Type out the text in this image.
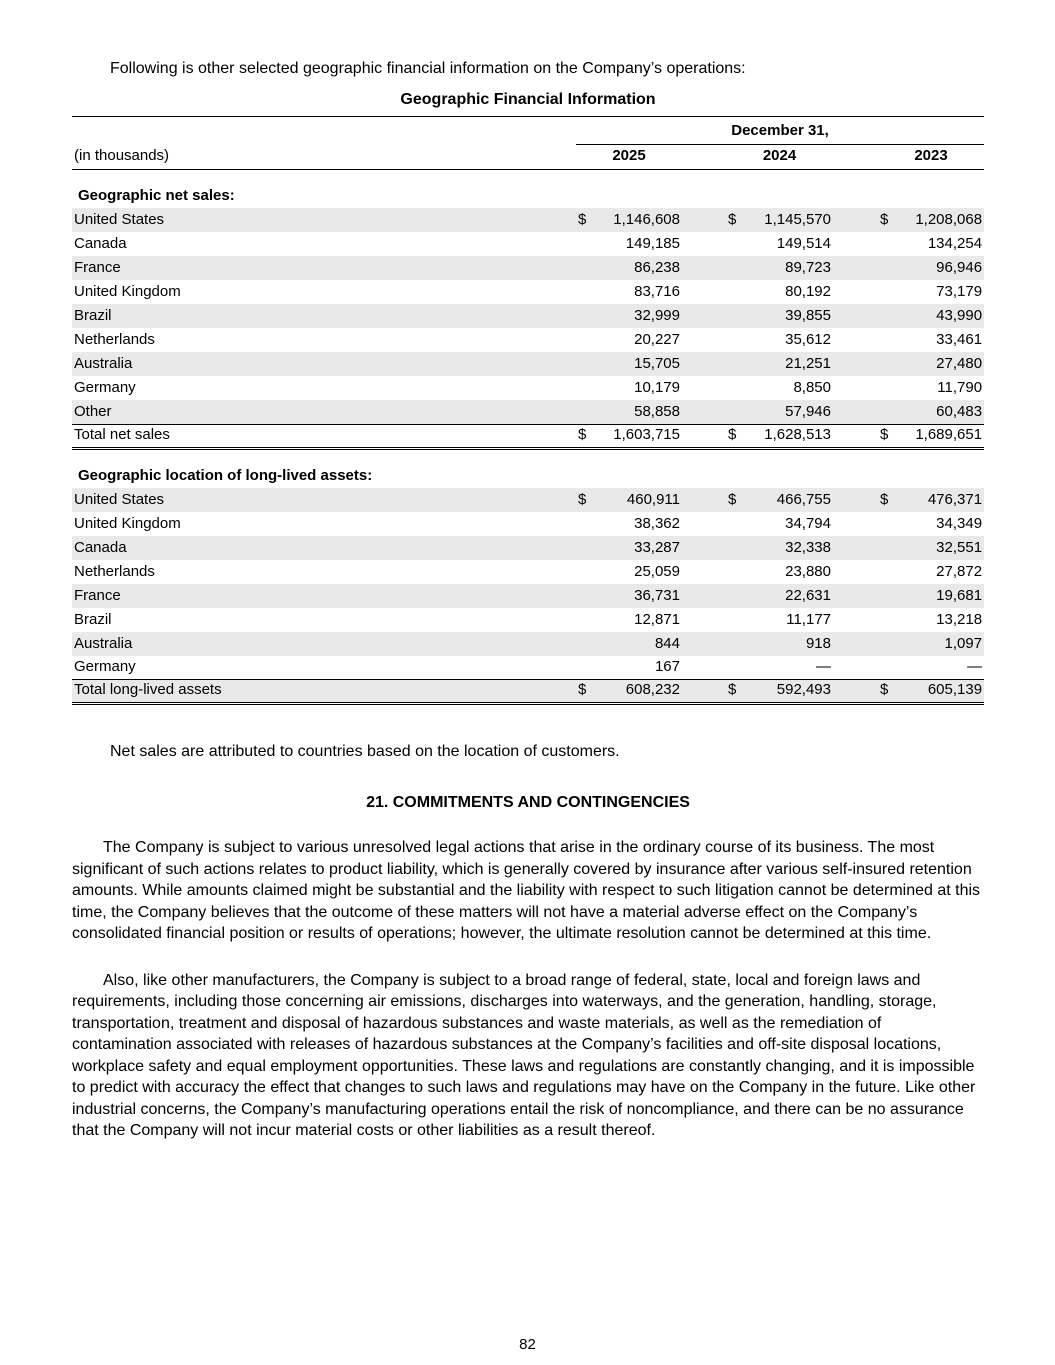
Following is other selected geographic financial information on the Company’s operations:

Geographic Financial Information
	December 31,							
(in thousands)	2025			2024			2023	
Geographic net sales:								
United States	$	1,146,608		$	1,145,570		$	1,208,068
Canada		149,185			149,514			134,254
France		86,238			89,723			96,946
United Kingdom		83,716			80,192			73,179
Brazil		32,999			39,855			43,990
Netherlands		20,227			35,612			33,461
Australia		15,705			21,251			27,480
Germany		10,179			8,850			11,790
Other		58,858			57,946			60,483
Total net sales	$	1,603,715		$	1,628,513		$	1,689,651
Geographic location of long-lived assets:								
United States	$	460,911		$	466,755		$	476,371
United Kingdom		38,362			34,794			34,349
Canada		33,287			32,338			32,551
Netherlands		25,059			23,880			27,872
France		36,731			22,631			19,681
Brazil		12,871			11,177			13,218
Australia		844			918			1,097
Germany		167			—			—
Total long-lived assets	$	608,232		$	592,493		$	605,139

Net sales are attributed to countries based on the location of customers.

21. COMMITMENTS AND CONTINGENCIES

The Company is subject to various unresolved legal actions that arise in the ordinary course of its business. The most significant of such actions relates to product liability, which is generally covered by insurance after various self-insured retention amounts. While amounts claimed might be substantial and the liability with respect to such litigation cannot be determined at this time, the Company believes that the outcome of these matters will not have a material adverse effect on the Company’s consolidated financial position or results of operations; however, the ultimate resolution cannot be determined at this time.

Also, like other manufacturers, the Company is subject to a broad range of federal, state, local and foreign laws and requirements, including those concerning air emissions, discharges into waterways, and the generation, handling, storage, transportation, treatment and disposal of hazardous substances and waste materials, as well as the remediation of contamination associated with releases of hazardous substances at the Company’s facilities and off-site disposal locations, workplace safety and equal employment opportunities. These laws and regulations are constantly changing, and it is impossible to predict with accuracy the effect that changes to such laws and regulations may have on the Company in the future. Like other industrial concerns, the Company’s manufacturing operations entail the risk of noncompliance, and there can be no assurance that the Company will not incur material costs or other liabilities as a result thereof.

82
